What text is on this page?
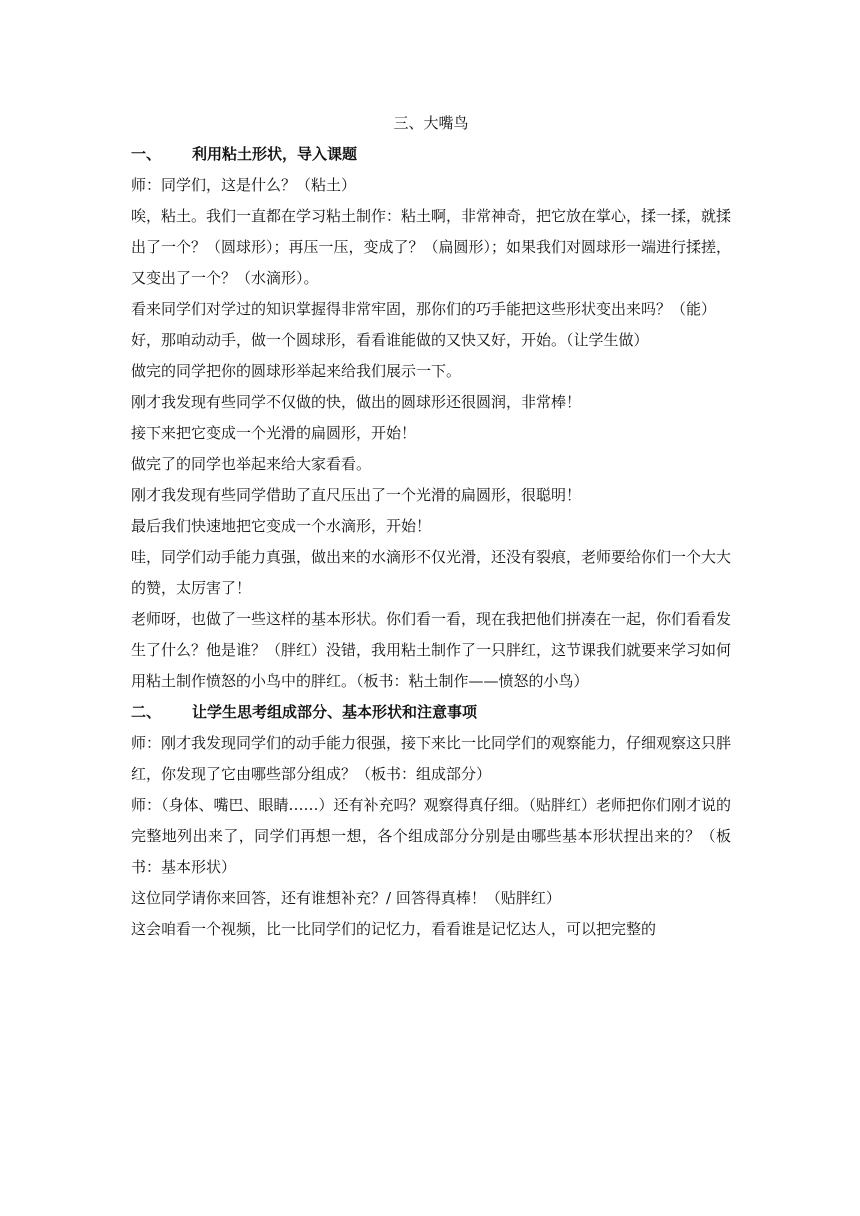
三、大嘴鸟

一、 利用粘土形状，导入课题

师：同学们，这是什么？（粘土）

唉，粘土。我们一直都在学习粘土制作：粘土啊，非常神奇，把它放在掌心，揉一揉，就揉出了一个？（圆球形）；再压一压，变成了？（扁圆形）；如果我们对圆球形一端进行揉搓，又变出了一个？（水滴形）。

看来同学们对学过的知识掌握得非常牢固，那你们的巧手能把这些形状变出来吗？（能）

好，那咱动动手，做一个圆球形，看看谁能做的又快又好，开始。（让学生做）

做完的同学把你的圆球形举起来给我们展示一下。

刚才我发现有些同学不仅做的快，做出的圆球形还很圆润，非常棒！

接下来把它变成一个光滑的扁圆形，开始！

做完了的同学也举起来给大家看看。

刚才我发现有些同学借助了直尺压出了一个光滑的扁圆形，很聪明！

最后我们快速地把它变成一个水滴形，开始！

哇，同学们动手能力真强，做出来的水滴形不仅光滑，还没有裂痕，老师要给你们一个大大的赞，太厉害了！

老师呀，也做了一些这样的基本形状。你们看一看，现在我把他们拼凑在一起，你们看看发生了什么？他是谁？（胖红）没错，我用粘土制作了一只胖红，这节课我们就要来学习如何用粘土制作愤怒的小鸟中的胖红。（板书：粘土制作——愤怒的小鸟）

二、 让学生思考组成部分、基本形状和注意事项

师：刚才我发现同学们的动手能力很强，接下来比一比同学们的观察能力，仔细观察这只胖红，你发现了它由哪些部分组成？（板书：组成部分）

师：（身体、嘴巴、眼睛……）还有补充吗？观察得真仔细。（贴胖红）老师把你们刚才说的完整地列出来了，同学们再想一想，各个组成部分分别是由哪些基本形状捏出来的？（板书：基本形状）

这位同学请你来回答，还有谁想补充？/ 回答得真棒！（贴胖红）

这会咱看一个视频，比一比同学们的记忆力，看看谁是记忆达人，可以把完整的
